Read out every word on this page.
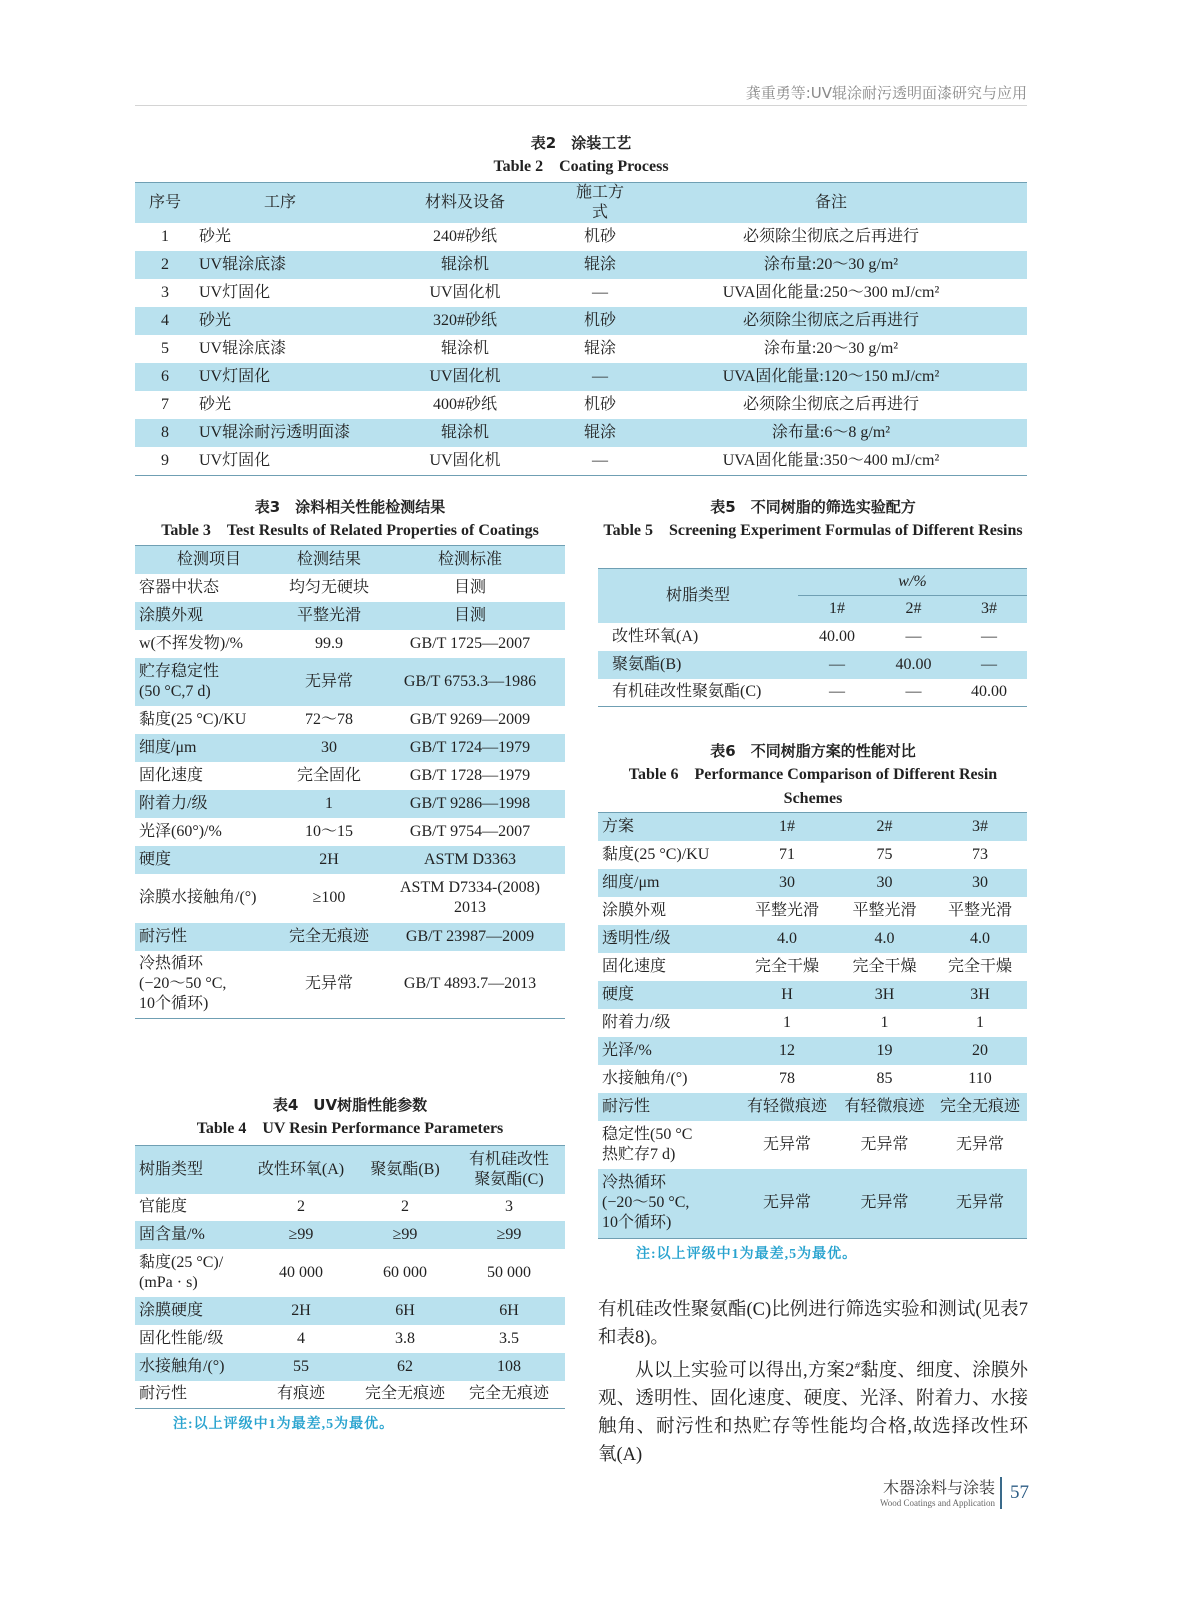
龚重勇等:UV辊涂耐污透明面漆研究与应用
表2　涂装工艺
Table 2　Coating Process
序号	工序	材料及设备	施工方式	备注
1	砂光	240#砂纸	机砂	必须除尘彻底之后再进行
2	UV辊涂底漆	辊涂机	辊涂	涂布量:20～30 g/m²
3	UV灯固化	UV固化机	—	UVA固化能量:250～300 mJ/cm²
4	砂光	320#砂纸	机砂	必须除尘彻底之后再进行
5	UV辊涂底漆	辊涂机	辊涂	涂布量:20～30 g/m²
6	UV灯固化	UV固化机	—	UVA固化能量:120～150 mJ/cm²
7	砂光	400#砂纸	机砂	必须除尘彻底之后再进行
8	UV辊涂耐污透明面漆	辊涂机	辊涂	涂布量:6～8 g/m²
9	UV灯固化	UV固化机	—	UVA固化能量:350～400 mJ/cm²
表3　涂料相关性能检测结果
Table 3　Test Results of Related Properties of Coatings
检测项目	检测结果	检测标准
容器中状态	均匀无硬块	目测
涂膜外观	平整光滑	目测
w(不挥发物)/%	99.9	GB/T 1725—2007
贮存稳定性
(50 °C,7 d)	无异常	GB/T 6753.3—1986
黏度(25 °C)/KU	72～78	GB/T 9269—2009
细度/μm	30	GB/T 1724—1979
固化速度	完全固化	GB/T 1728—1979
附着力/级	1	GB/T 9286—1998
光泽(60°)/%	10～15	GB/T 9754—2007
硬度	2H	ASTM D3363
涂膜水接触角/(°)	≥100	ASTM D7334-(2008)
2013
耐污性	完全无痕迹	GB/T 23987—2009
冷热循环
(−20～50 °C,
10个循环)	无异常	GB/T 4893.7—2013
表4　UV树脂性能参数
Table 4　UV Resin Performance Parameters
树脂类型	改性环氧(A)	聚氨酯(B)	有机硅改性
聚氨酯(C)
官能度	2	2	3
固含量/%	≥99	≥99	≥99
黏度(25 °C)/
(mPa · s)	40 000	60 000	50 000
涂膜硬度	2H	6H	6H
固化性能/级	4	3.8	3.5
水接触角/(°)	55	62	108
耐污性	有痕迹	完全无痕迹	完全无痕迹
注:以上评级中1为最差,5为最优。
表5　不同树脂的筛选实验配方
Table 5　Screening Experiment Formulas of Different Resins
树脂类型	w/%		
	1#	2#	3#
改性环氧(A)	40.00	—	—
聚氨酯(B)	—	40.00	—
有机硅改性聚氨酯(C)	—	—	40.00
表6　不同树脂方案的性能对比
Table 6　Performance Comparison of Different Resin Schemes
方案	1#	2#	3#
黏度(25 °C)/KU	71	75	73
细度/μm	30	30	30
涂膜外观	平整光滑	平整光滑	平整光滑
透明性/级	4.0	4.0	4.0
固化速度	完全干燥	完全干燥	完全干燥
硬度	H	3H	3H
附着力/级	1	1	1
光泽/%	12	19	20
水接触角/(°)	78	85	110
耐污性	有轻微痕迹	有轻微痕迹	完全无痕迹
稳定性(50 °C
热贮存7 d)	无异常	无异常	无异常
冷热循环
(−20～50 °C,
10个循环)	无异常	无异常	无异常
注:以上评级中1为最差,5为最优。

有机硅改性聚氨酯(C)比例进行筛选实验和测试(见表7和表8)。

从以上实验可以得出,方案2#黏度、细度、涂膜外观、透明性、固化速度、硬度、光泽、附着力、水接触角、耐污性和热贮存等性能均合格,故选择改性环氧(A)

木器涂料与涂装
Wood Coatings and Application 57
